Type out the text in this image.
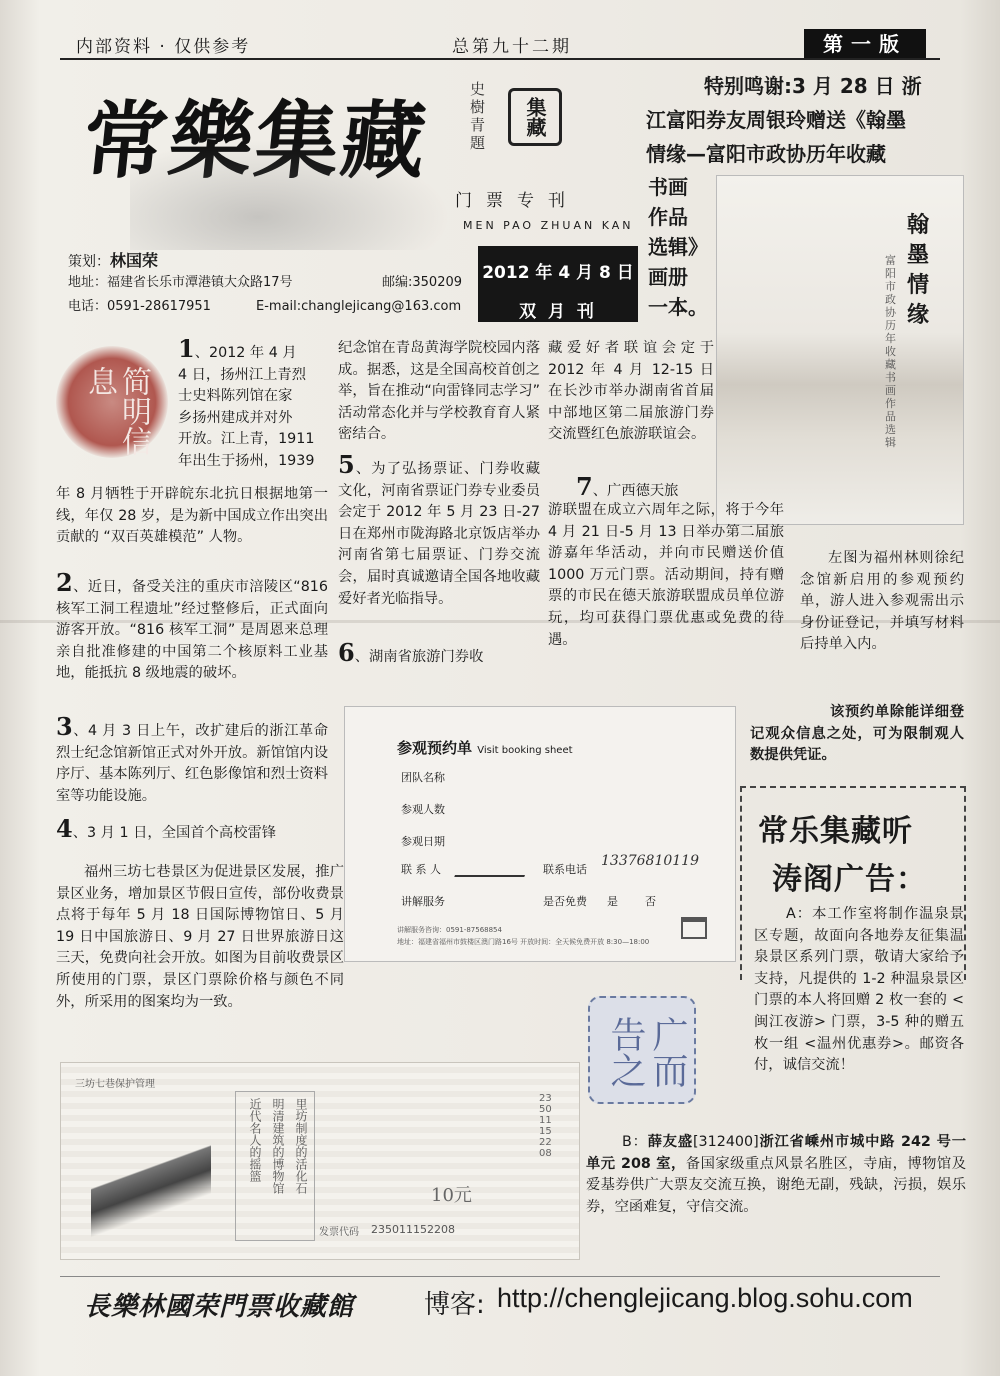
内部资料 · 仅供参考	总第九十二期	第一版
史樹青題
集藏
门票专刊
MEN PAO ZHUAN KAN
2012 年 4 月 8 日
双 月 刊
策划：林国荣
地址：福建省长乐市潭港镇大众路17号	邮编:350209
电话：0591-28617951	E-mail:changlejicang@163.com
特别鸣谢:3 月 28 日 浙
江富阳券友周银玲赠送《翰墨
情缘—富阳市政协历年收藏
书画
作品
选辑》
画册
一本。
翰墨情缘
富阳市政协历年收藏书画作品选辑
简明信息
1、2012 年 4 月
4 日，扬州江上青烈
士史料陈列馆在家
乡扬州建成并对外
开放。江上青，1911
年出生于扬州，1939
年 8 月牺牲于开辟皖东北抗日根据地第一线，年仅 28 岁，是为新中国成立作出突出贡献的 “双百英雄模范” 人物。
2、近日，备受关注的重庆市涪陵区“816 核军工洞工程遗址”经过整修后，正式面向游客开放。“816 核军工洞” 是周恩来总理亲自批准修建的中国第二个核原料工业基地，能抵抗 8 级地震的破坏。
3、4 月 3 日上午，改扩建后的浙江革命烈士纪念馆新馆正式对外开放。新馆馆内设序厅、基本陈列厅、红色影像馆和烈士资料室等功能设施。
4、3 月 1 日，全国首个高校雷锋
福州三坊七巷景区为促进景区发展，推广景区业务，增加景区节假日宣传，部份收费景点将于每年 5 月 18 日国际博物馆日、5 月 19 日中国旅游日、9 月 27 日世界旅游日这三天，免费向社会开放。如图为目前收费景区所使用的门票，景区门票除价格与颜色不同外，所采用的图案均为一致。
纪念馆在青岛黄海学院校园内落成。据悉，这是全国高校首创之举，旨在推动“向雷锋同志学习” 活动常态化并与学校教育育人紧密结合。
5、为了弘扬票证、门券收藏文化，河南省票证门券专业委员会定于 2012 年 5 月 23 日-27 日在郑州市陇海路北京饭店举办河南省第七届票证、门券交流会，届时真诚邀请全国各地收藏爱好者光临指导。
6、湖南省旅游门券收
藏爱好者联谊会定于 2012 年 4 月 12-15 日在长沙市举办湖南省首届中部地区第二届旅游门券交流暨红色旅游联谊会。
7、广西德天旅
游联盟在成立六周年之际，将于今年 4 月 21 日-5 月 13 日举办第二届旅游嘉年华活动，并向市民赠送价值 1000 万元门票。活动期间，持有赠票的市民在德天旅游联盟成员单位游玩，均可获得门票优惠或免费的待遇。
左图为福州林则徐纪念馆新启用的参观预约单，游人进入参观需出示身份证登记，并填写材料后持单入内。
该预约单除能详细登记观众信息之处，可为限制观人数提供凭证。
参观预约单 Visit booking sheet
团队名称
参观人数
参观日期
联 系 人	联系电话
讲解服务	是否免费 是 否
13376810119
讲解服务咨询：0591-87568854
地址：福建省福州市鼓楼区澳门路16号 开放时间：全天候免费开放 8:30—18:00
常乐集藏听
涛阁广告：
A：本工作室将制作温泉景区专题，故面向各地券友征集温泉景区系列门票，敬请大家给予支持，凡提供的 1-2 种温泉景区门票的本人将回赠 2 枚一套的 <闽江夜游> 门票，3-5 种的赠五枚一组 <温州优惠券>。邮资各付，诚信交流！
广而告之
B：薛友盛[312400]浙江省嵊州市城中路 242 号一单元 208 室，备国家级重点风景名胜区，寺庙，博物馆及爱基券供广大票友交流互换，谢绝无副，残缺，污损，娱乐券，空函难复，守信交流。
三坊七巷保护管理
里坊制度的活化石
明清建筑的博物馆
近代名人的摇篮
10元
发票代码 235011152208
235011152208
長樂林國荣門票收藏館	博客: http://chenglejicang.blog.sohu.com
